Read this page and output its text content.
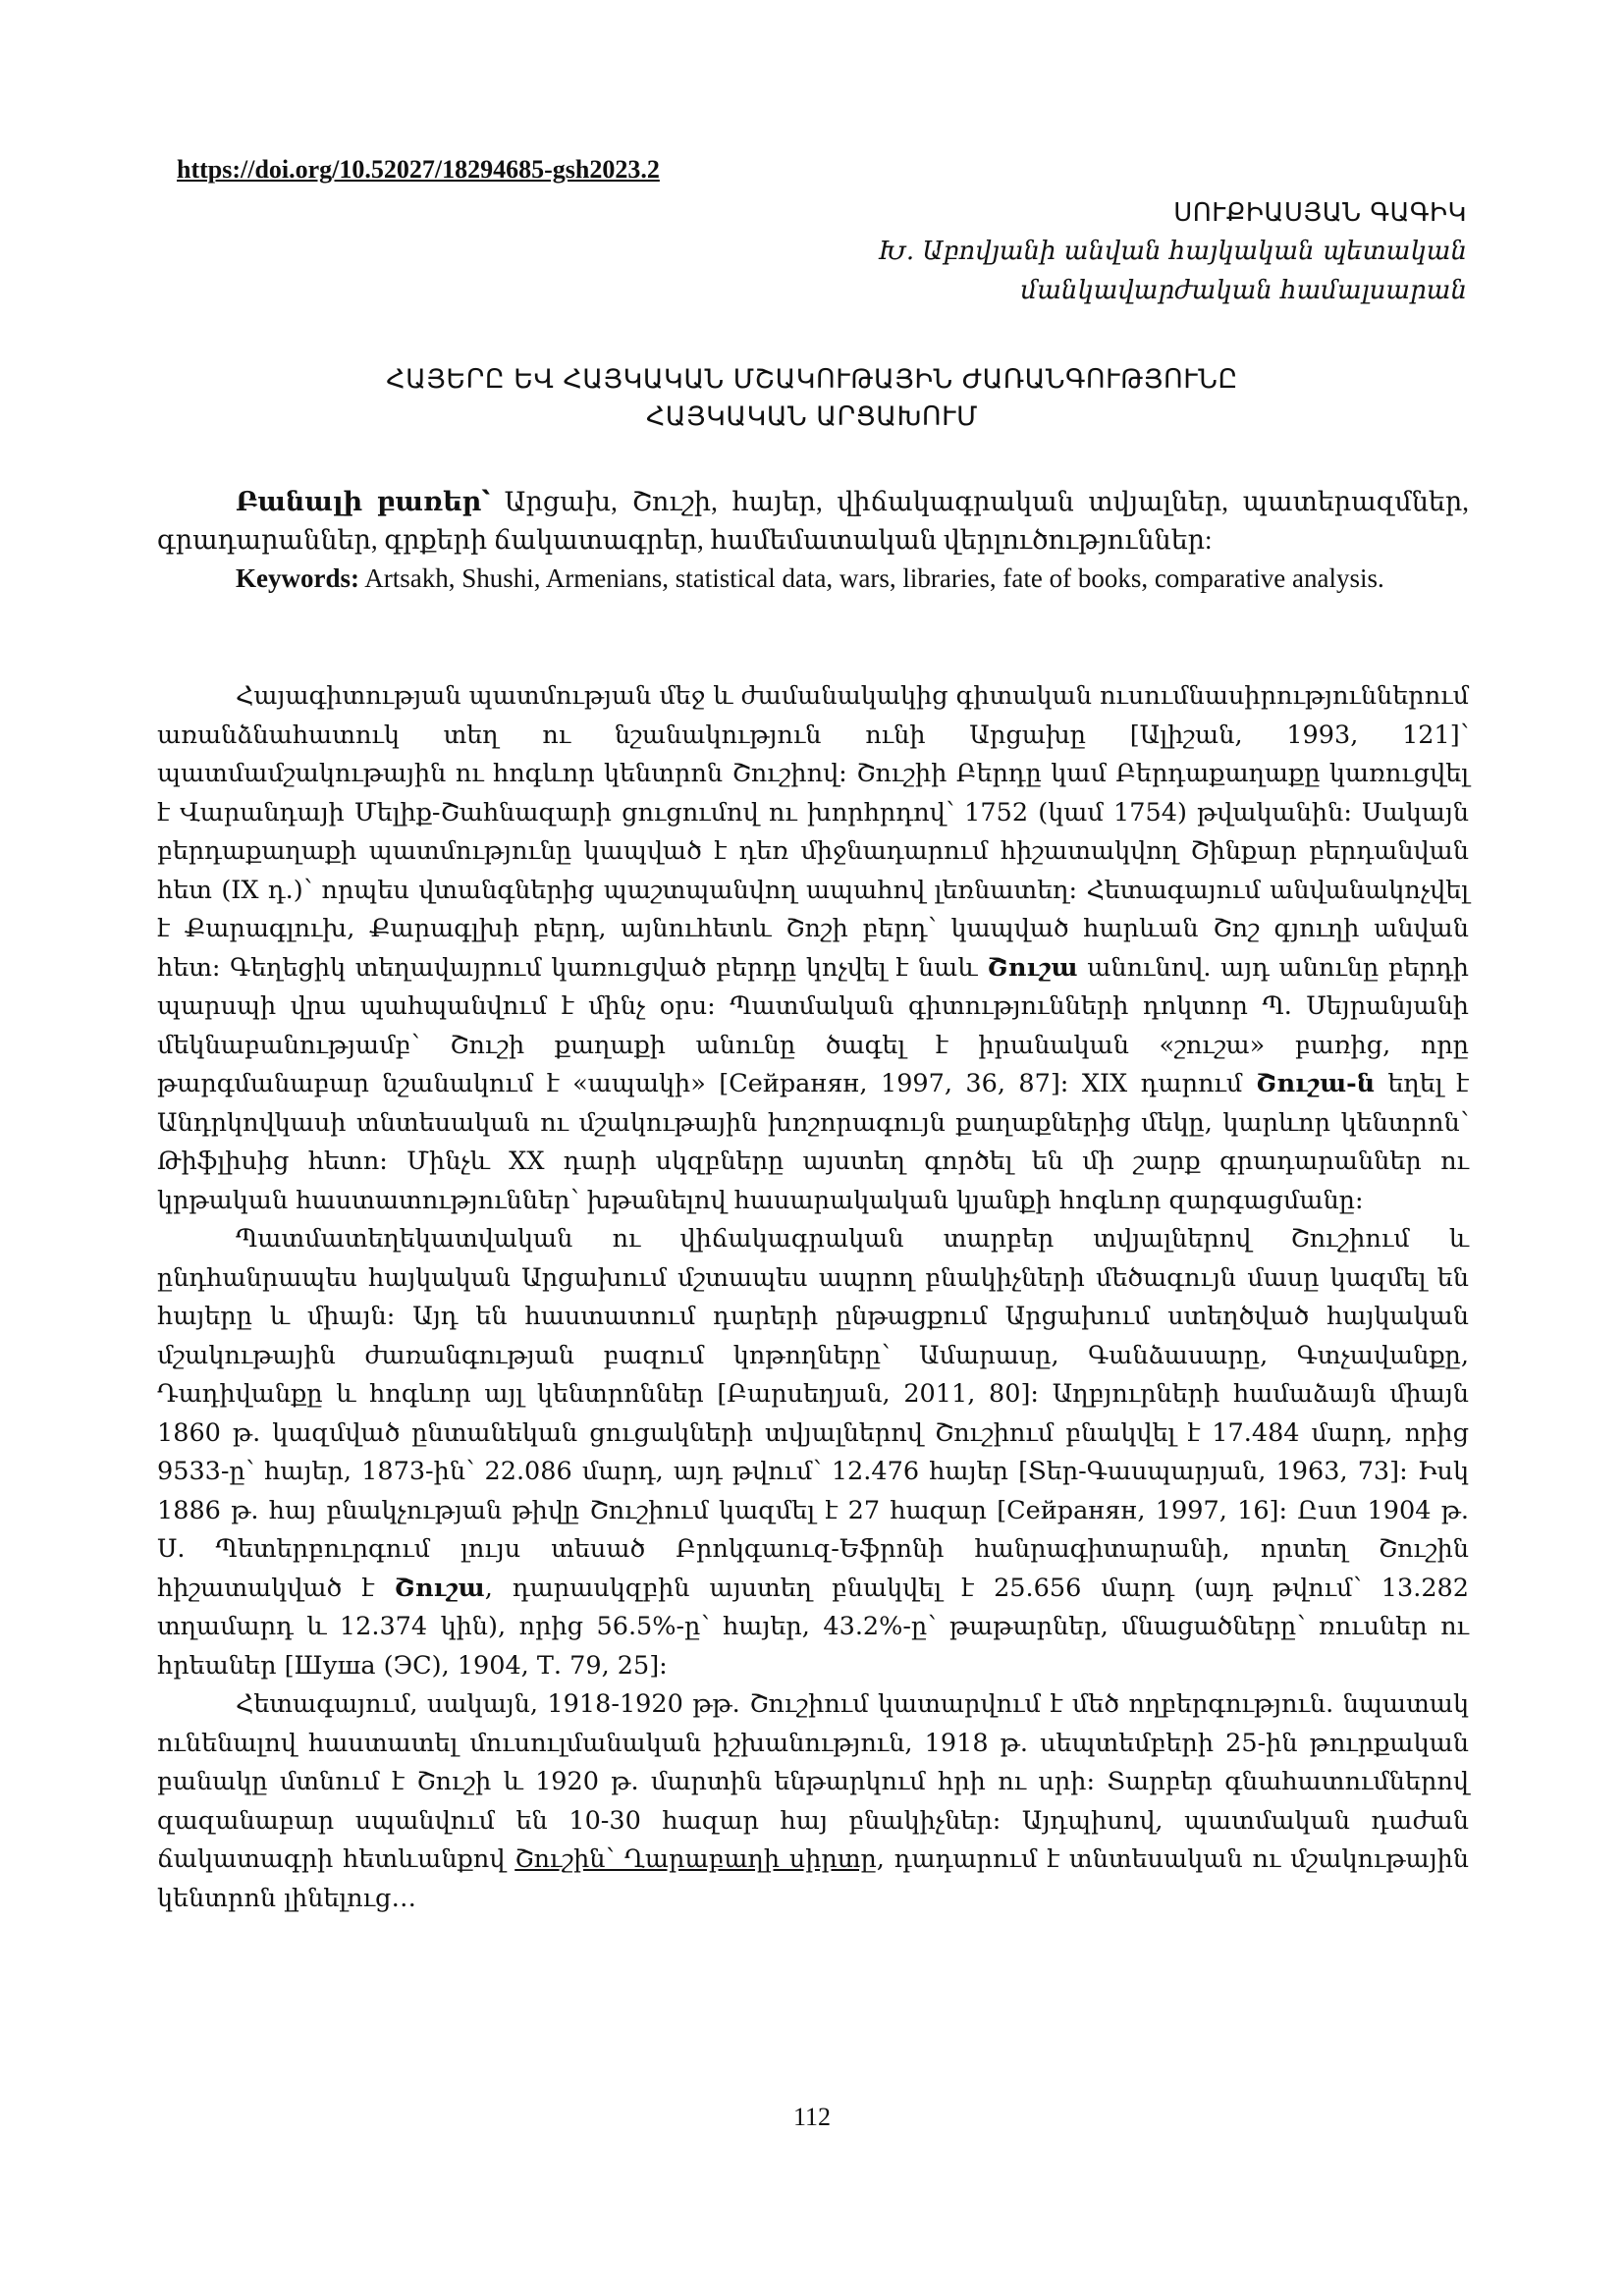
https://doi.org/10.52027/18294685-gsh2023.2
ՍՈՒՔԻԱՍՅԱՆ ԳԱԳԻԿ
Խ. Աբովյանի անվան հայկական պետական
մանկավարժական համալսարան
ՀԱՅԵՐԸ ԵՎ ՀԱՅԿԱԿԱՆ ՄՇԱԿՈՒԹԱՅԻՆ ԺԱՌԱՆԳՈՒԹՅՈՒՆԸ
ՀԱՅԿԱԿԱՆ ԱՐՑԱԽՈՒՄ

Բանալի բառեր՝ Արցախ, Շուշի, հայեր, վիճակագրական տվյալներ, պատերազմներ, գրադարաններ, գրքերի ճակատագրեր, համեմատական վերլուծություններ:

Keywords: Artsakh, Shushi, Armenians, statistical data, wars, libraries, fate of books, comparative analysis.

Հայագիտության պատմության մեջ և ժամանակակից գիտական ուսումնասիրություններում առանձնահատուկ տեղ ու նշանակություն ունի Արցախը [Ալիշան, 1993, 121]՝ պատմամշակութային ու հոգևոր կենտրոն Շուշիով: Շուշիի Բերդը կամ Բերդաքաղաքը կառուցվել է Վարանդայի Մելիք-Շահնազարի ցուցումով ու խորհրդով՝ 1752 (կամ 1754) թվականին: Սակայն բերդաքաղաքի պատմությունը կապված է դեռ միջնադարում հիշատակվող Շինքար բերդանվան հետ (IX դ.)՝ որպես վտանգներից պաշտպանվող ապահով լեռնատեղ: Հետագայում անվանակոչվել է Քարագլուխ, Քարագլխի բերդ, այնուհետև Շոշի բերդ՝ կապված հարևան Շոշ գյուղի անվան հետ: Գեղեցիկ տեղավայրում կառուցված բերդը կոչվել է նաև Շուշա անունով. այդ անունը բերդի պարսպի վրա պահպանվում է մինչ օրս: Պատմական գիտությունների դոկտոր Պ. Սեյրանյանի մեկնաբանությամբ՝ Շուշի քաղաքի անունը ծագել է իրանական «շուշա» բառից, որը թարգմանաբար նշանակում է «ապակի» [Сейранян, 1997, 36, 87]: XIX դարում Շուշա-ն եղել է Անդրկովկասի տնտեսական ու մշակութային խոշորագույն քաղաքներից մեկը, կարևոր կենտրոն՝ Թիֆլիսից հետո: Մինչև XX դարի սկզբները այստեղ գործել են մի շարք գրադարաններ ու կրթական հաստատություններ՝ խթանելով հասարակական կյանքի հոգևոր զարգացմանը:

Պատմատեղեկատվական ու վիճակագրական տարբեր տվյալներով Շուշիում և ընդհանրապես հայկական Արցախում մշտապես ապրող բնակիչների մեծագույն մասը կազմել են հայերը և միայն: Այդ են հաստատում դարերի ընթացքում Արցախում ստեղծված հայկական մշակութային ժառանգության բազում կոթողները՝ Ամարասը, Գանձասարը, Գտչավանքը, Դադիվանքը և հոգևոր այլ կենտրոններ [Բարսեղյան, 2011, 80]: Աղբյուրների համաձայն միայն 1860 թ. կազմված ընտանեկան ցուցակների տվյալներով Շուշիում բնակվել է 17.484 մարդ, որից 9533-ը՝ հայեր, 1873-ին՝ 22.086 մարդ, այդ թվում՝ 12.476 հայեր [Տեր-Գասպարյան, 1963, 73]: Իսկ 1886 թ. հայ բնակչության թիվը Շուշիում կազմել է 27 հազար [Сейранян, 1997, 16]: Ըստ 1904 թ. Ս. Պետերբուրգում լույս տեսած Բրոկգաուզ-Եֆրոնի հանրագիտարանի, որտեղ Շուշին հիշատակված է Շուշա, դարասկզբին այստեղ բնակվել է 25.656 մարդ (այդ թվում՝ 13.282 տղամարդ և 12.374 կին), որից 56.5%-ը՝ հայեր, 43.2%-ը՝ թաթարներ, մնացածները՝ ռուսներ ու հրեաներ [Шуша (ЭС), 1904, Т. 79, 25]:

Հետագայում, սակայն, 1918-1920 թթ. Շուշիում կատարվում է մեծ ողբերգություն. նպատակ ունենալով հաստատել մուսուլմանական իշխանություն, 1918 թ. սեպտեմբերի 25-ին թուրքական բանակը մտնում է Շուշի և 1920 թ. մարտին ենթարկում հրի ու սրի: Տարբեր գնահատումներով զազանաբար սպանվում են 10-30 հազար հայ բնակիչներ: Այդպիսով, պատմական դաժան ճակատագրի հետևանքով Շուշին՝ Ղարաբաղի սիրտը, դադարում է տնտեսական ու մշակութային կենտրոն լինելուց…

112
